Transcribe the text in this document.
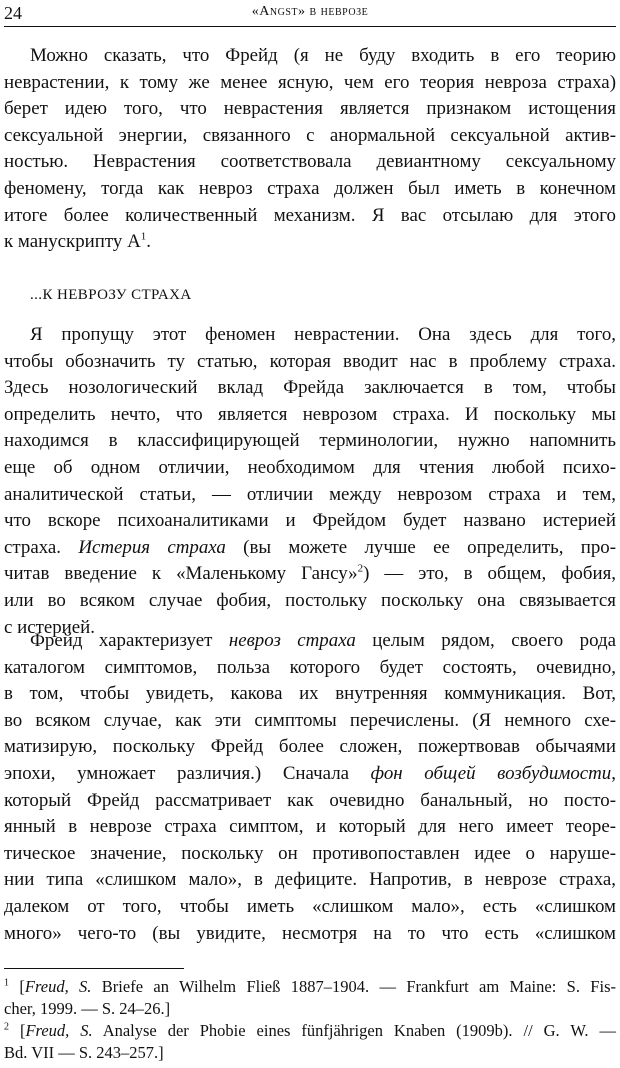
24	«Angst» в неврозе
Можно сказать, что Фрейд (я не буду входить в его теорию
неврастении, к тому же менее ясную, чем его теория невроза страха)
берет идею того, что неврастения является признаком истощения
сексуальной энергии, связанного с анормальной сексуальной актив-
ностью. Неврастения соответствовала девиантному сексуальному
феномену, тогда как невроз страха должен был иметь в конечном
итоге более количественный механизм. Я вас отсылаю для этого
к манускрипту $А^1$.
...К НЕВРОЗУ СТРАХА
Я пропущу этот феномен неврастении. Она здесь для того,
чтобы обозначить ту статью, которая вводит нас в проблему страха.
Здесь нозологический вклад Фрейда заключается в том, чтобы
определить нечто, что является неврозом страха. И поскольку мы
находимся в классифицирующей терминологии, нужно напомнить
еще об одном отличии, необходимом для чтения любой психо-
аналитической статьи, — отличии между неврозом страха и тем,
что вскоре психоаналитиками и Фрейдом будет названо истерией
страха. Истерия страха (вы можете лучше ее определить, про-
читав введение к «Маленькому Гансу»$^2$) — это, в общем, фобия,
или во всяком случае фобия, постольку поскольку она связывается
с истерией.
Фрейд характеризует невроз страха целым рядом, своего рода
каталогом симптомов, польза которого будет состоять, очевидно,
в том, чтобы увидеть, какова их внутренняя коммуникация. Вот,
во всяком случае, как эти симптомы перечислены. (Я немного схе-
матизирую, поскольку Фрейд более сложен, пожертвовав обычаями
эпохи, умножает различия.) Сначала фон общей возбудимости,
который Фрейд рассматривает как очевидно банальный, но посто-
янный в неврозе страха симптом, и который для него имеет теоре-
тическое значение, поскольку он противопоставлен идее о наруше-
нии типа «слишком мало», в дефиците. Напротив, в неврозе страха,
далеком от того, чтобы иметь «слишком мало», есть «слишком
много» чего-то (вы увидите, несмотря на то что есть «слишком
$^1$ [Freud, S. Briefe an Wilhelm Fließ 1887–1904. — Frankfurt am Maine: S. Fis-
cher, 1999. — S. 24–26.]
$^2$ [Freud, S. Analyse der Phobie eines fünfjährigen Knaben (1909b). // G. W. —
Bd. VII — S. 243–257.]
